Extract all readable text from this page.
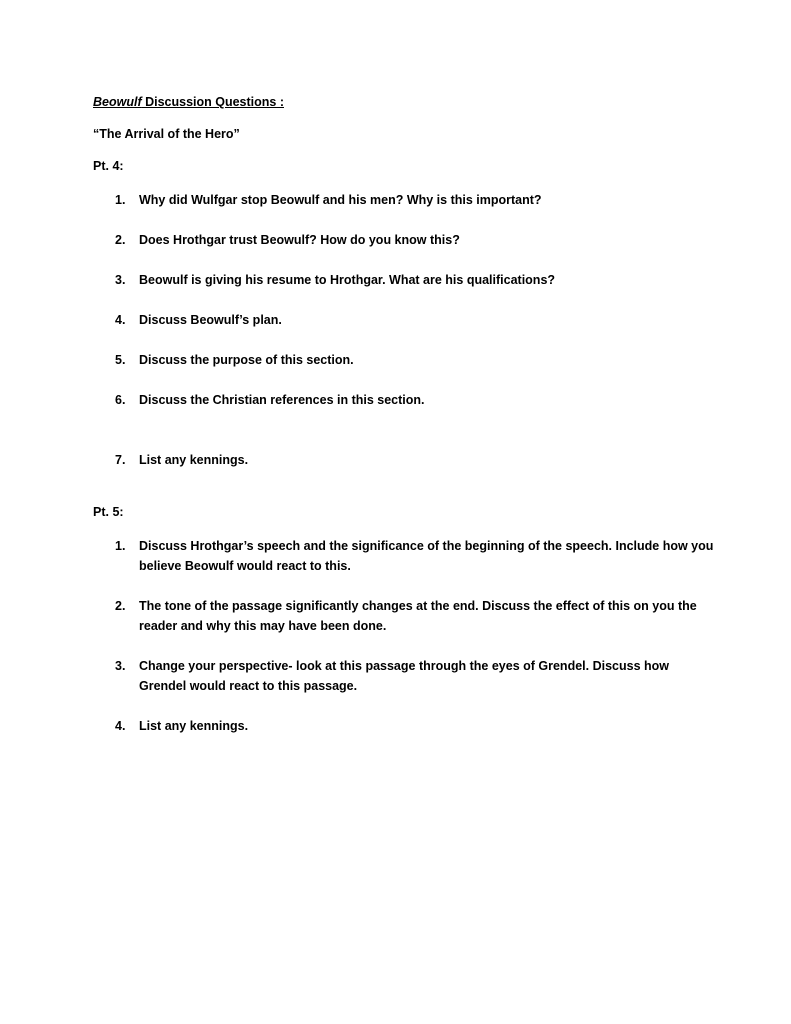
Beowulf Discussion Questions :
“The Arrival of the Hero”
Pt. 4:
1.	Why did Wulfgar stop Beowulf and his men? Why is this important?
2.	Does Hrothgar trust Beowulf? How do you know this?
3.	Beowulf is giving his resume to Hrothgar. What are his qualifications?
4.	Discuss Beowulf’s plan.
5.	Discuss the purpose of this section.
6.	Discuss the Christian references in this section.
7.	List any kennings.
Pt. 5:
1.	Discuss Hrothgar’s speech and the significance of the beginning of the speech. Include how you believe Beowulf would react to this.
2.	The tone of the passage significantly changes at the end. Discuss the effect of this on you the reader and why this may have been done.
3.	Change your perspective- look at this passage through the eyes of Grendel. Discuss how Grendel would react to this passage.
4.	List any kennings.
